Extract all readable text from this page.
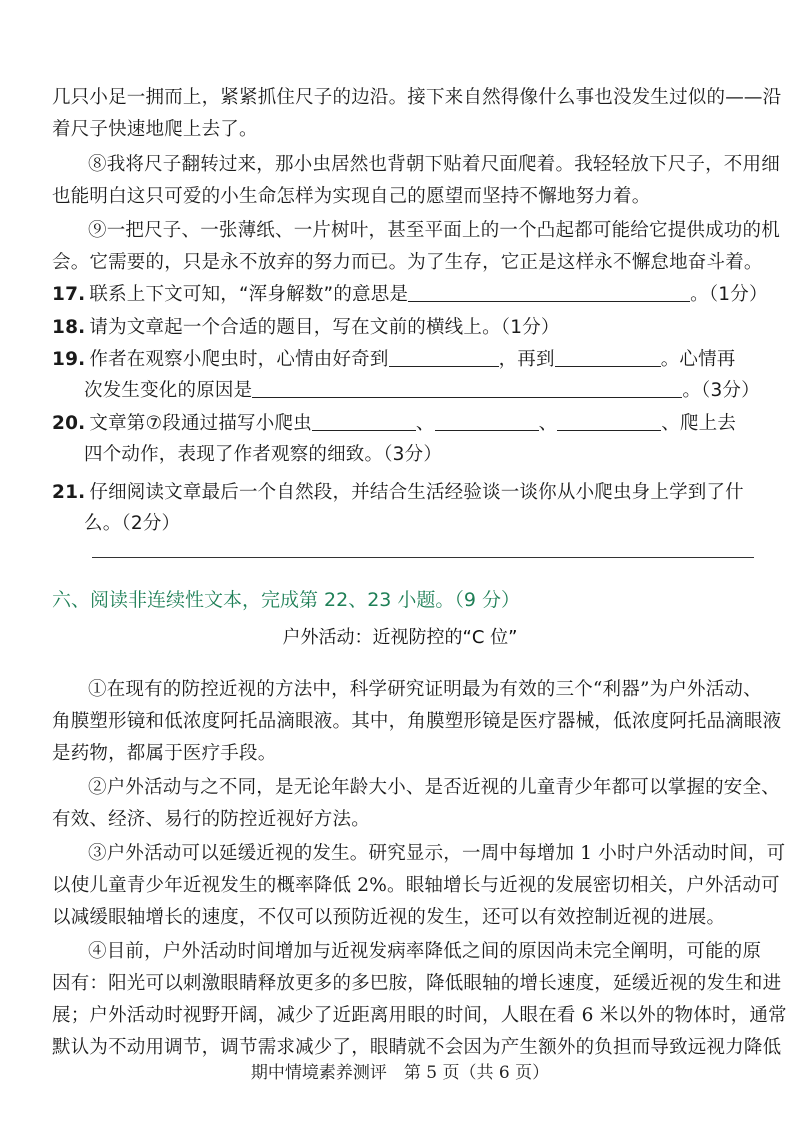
几只小足一拥而上，紧紧抓住尺子的边沿。接下来自然得像什么事也没发生过似的——沿
着尺子快速地爬上去了。
⑧我将尺子翻转过来，那小虫居然也背朝下贴着尺面爬着。我轻轻放下尺子，不用细
也能明白这只可爱的小生命怎样为实现自己的愿望而坚持不懈地努力着。
⑨一把尺子、一张薄纸、一片树叶，甚至平面上的一个凸起都可能给它提供成功的机
会。它需要的，只是永不放弃的努力而已。为了生存，它正是这样永不懈怠地奋斗着。
17. 联系上下文可知，“浑身解数”的意思是	。（1分）
18. 请为文章起一个合适的题目，写在文前的横线上。（1分）
19. 作者在观察小爬虫时，心情由好奇到	，再到	。心情再
次发生变化的原因是	。（3分）
20. 文章第⑦段通过描写小爬虫	、	、	、爬上去
四个动作，表现了作者观察的细致。（3分）
21. 仔细阅读文章最后一个自然段，并结合生活经验谈一谈你从小爬虫身上学到了什
么。（2分）
六、阅读非连续性文本，完成第 22、23 小题。（9 分）
户外活动：近视防控的“C 位”
①在现有的防控近视的方法中，科学研究证明最为有效的三个“利器”为户外活动、
角膜塑形镜和低浓度阿托品滴眼液。其中，角膜塑形镜是医疗器械，低浓度阿托品滴眼液
是药物，都属于医疗手段。
②户外活动与之不同，是无论年龄大小、是否近视的儿童青少年都可以掌握的安全、
有效、经济、易行的防控近视好方法。
③户外活动可以延缓近视的发生。研究显示，一周中每增加 1 小时户外活动时间，可
以使儿童青少年近视发生的概率降低 2%。眼轴增长与近视的发展密切相关，户外活动可
以减缓眼轴增长的速度，不仅可以预防近视的发生，还可以有效控制近视的进展。
④目前，户外活动时间增加与近视发病率降低之间的原因尚未完全阐明，可能的原
因有：阳光可以刺激眼睛释放更多的多巴胺，降低眼轴的增长速度，延缓近视的发生和进
展；户外活动时视野开阔，减少了近距离用眼的时间，人眼在看 6 米以外的物体时，通常
默认为不动用调节，调节需求减少了，眼睛就不会因为产生额外的负担而导致远视力降低
期中情境素养测评　第 5 页（共 6 页）
